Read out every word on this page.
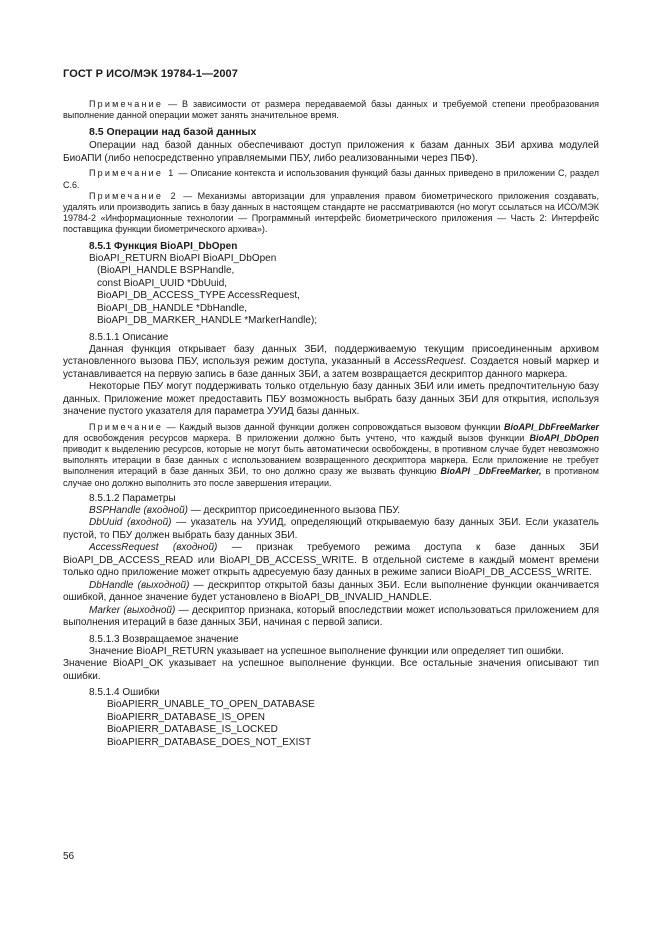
ГОСТ Р ИСО/МЭК 19784-1—2007

Примечание — В зависимости от размера передаваемой базы данных и требуемой степени преобразования выполнение данной операции может занять значительное время.

8.5 Операции над базой данных

Операции над базой данных обеспечивают доступ приложения к базам данных ЗБИ архива модулей БиоАПИ (либо непосредственно управляемыми ПБУ, либо реализованными через ПБФ).

Примечание 1 — Описание контекста и использования функций базы данных приведено в приложении С, раздел С.6.

Примечание 2 — Механизмы авторизации для управления правом биометрического приложения создавать, удалять или производить запись в базу данных в настоящем стандарте не рассматриваются (но могут ссылаться на ИСО/МЭК 19784-2 «Информационные технологии — Программный интерфейс биометрического приложения — Часть 2: Интерфейс поставщика функции биометрического архива»).

8.5.1 Функция BioAPI_DbOpen

BioAPI_RETURN BioAPI BioAPI_DbOpen

(BioAPI_HANDLE BSPHandle,

const BioAPI_UUID *DbUuid,

BioAPI_DB_ACCESS_TYPE AccessRequest,

BioAPI_DB_HANDLE *DbHandle,

BioAPI_DB_MARKER_HANDLE *MarkerHandle);

8.5.1.1 Описание

Данная функция открывает базу данных ЗБИ, поддерживаемую текущим присоединенным архивом установленного вызова ПБУ, используя режим доступа, указанный в AccessRequest. Создается новый маркер и устанавливается на первую запись в базе данных ЗБИ, а затем возвращается дескриптор данного маркера.

Некоторые ПБУ могут поддерживать только отдельную базу данных ЗБИ или иметь предпочтительную базу данных. Приложение может предоставить ПБУ возможность выбрать базу данных ЗБИ для открытия, используя значение пустого указателя для параметра УУИД базы данных.

Примечание — Каждый вызов данной функции должен сопровождаться вызовом функции BioAPI_DbFreeMarker для освобождения ресурсов маркера. В приложении должно быть учтено, что каждый вызов функции BioAPI_DbOpen приводит к выделению ресурсов, которые не могут быть автоматически освобождены, в противном случае будет невозможно выполнять итерации в базе данных с использованием возвращенного дескриптора маркера. Если приложение не требует выполнения итераций в базе данных ЗБИ, то оно должно сразу же вызвать функцию BioAPI _DbFreeMarker, в противном случае оно должно выполнить это после завершения итерации.

8.5.1.2 Параметры

BSPHandle (входной) — дескриптор присоединенного вызова ПБУ.

DbUuid (входной) — указатель на УУИД, определяющий открываемую базу данных ЗБИ. Если указатель пустой, то ПБУ должен выбрать базу данных ЗБИ.

AccessRequest (входной) — признак требуемого режима доступа к базе данных ЗБИ BioAPI_DB_ACCESS_READ или BioAPI_DB_ACCESS_WRITE. В отдельной системе в каждый момент времени только одно приложение может открыть адресуемую базу данных в режиме записи BioAPI_DB_ACCESS_WRITE.

DbHandle (выходной) — дескриптор открытой базы данных ЗБИ. Если выполнение функции оканчивается ошибкой, данное значение будет установлено в BioAPI_DB_INVALID_HANDLE.

Marker (выходной) — дескриптор признака, который впоследствии может использоваться приложением для выполнения итераций в базе данных ЗБИ, начиная с первой записи.

8.5.1.3 Возвращаемое значение

Значение BioAPI_RETURN указывает на успешное выполнение функции или определяет тип ошибки.

Значение BioAPI_OK указывает на успешное выполнение функции. Все остальные значения описывают тип ошибки.

8.5.1.4 Ошибки

BioAPIERR_UNABLE_TO_OPEN_DATABASE

BioAPIERR_DATABASE_IS_OPEN

BioAPIERR_DATABASE_IS_LOCKED

BioAPIERR_DATABASE_DOES_NOT_EXIST

56
